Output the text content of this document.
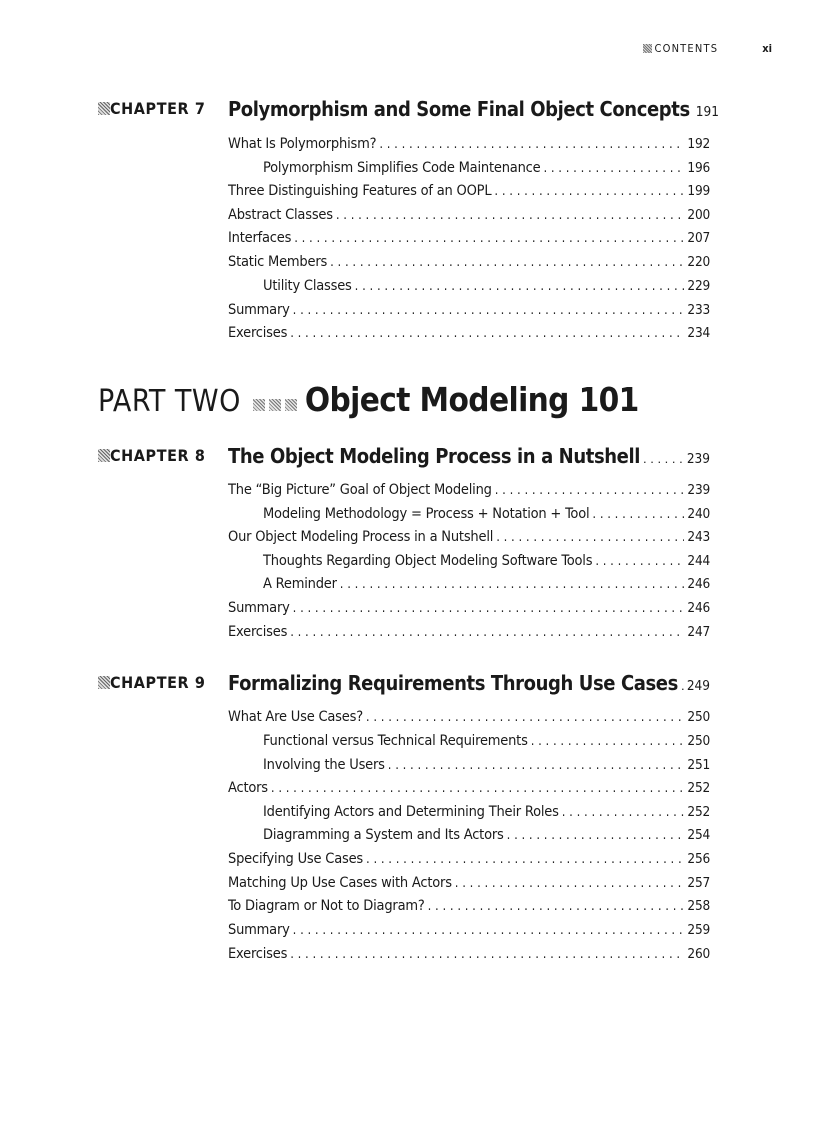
CONTENTS	xi
CHAPTER 7 Polymorphism and Some Final Object Concepts 191
What Is Polymorphism? . . .	192
Polymorphism Simplifies Code Maintenance . . .	196
Three Distinguishing Features of an OOPL . . .	199
Abstract Classes . . .	200
Interfaces . . .	207
Static Members . . .	220
Utility Classes . . .	229
Summary . . .	233
Exercises . . .	234
PART TWO Object Modeling 101
CHAPTER 8 The Object Modeling Process in a Nutshell . . .	239
The “Big Picture” Goal of Object Modeling . . .	239
Modeling Methodology = Process + Notation + Tool . . .	240
Our Object Modeling Process in a Nutshell . . .	243
Thoughts Regarding Object Modeling Software Tools . . .	244
A Reminder . . .	246
Summary . . .	246
Exercises . . .	247
CHAPTER 9 Formalizing Requirements Through Use Cases . . . 249
What Are Use Cases? . . .	250
Functional versus Technical Requirements . . .	250
Involving the Users . . .	251
Actors . . .	252
Identifying Actors and Determining Their Roles . . .	252
Diagramming a System and Its Actors . . .	254
Specifying Use Cases . . .	256
Matching Up Use Cases with Actors . . .	257
To Diagram or Not to Diagram? . . .	258
Summary . . .	259
Exercises . . .	260
